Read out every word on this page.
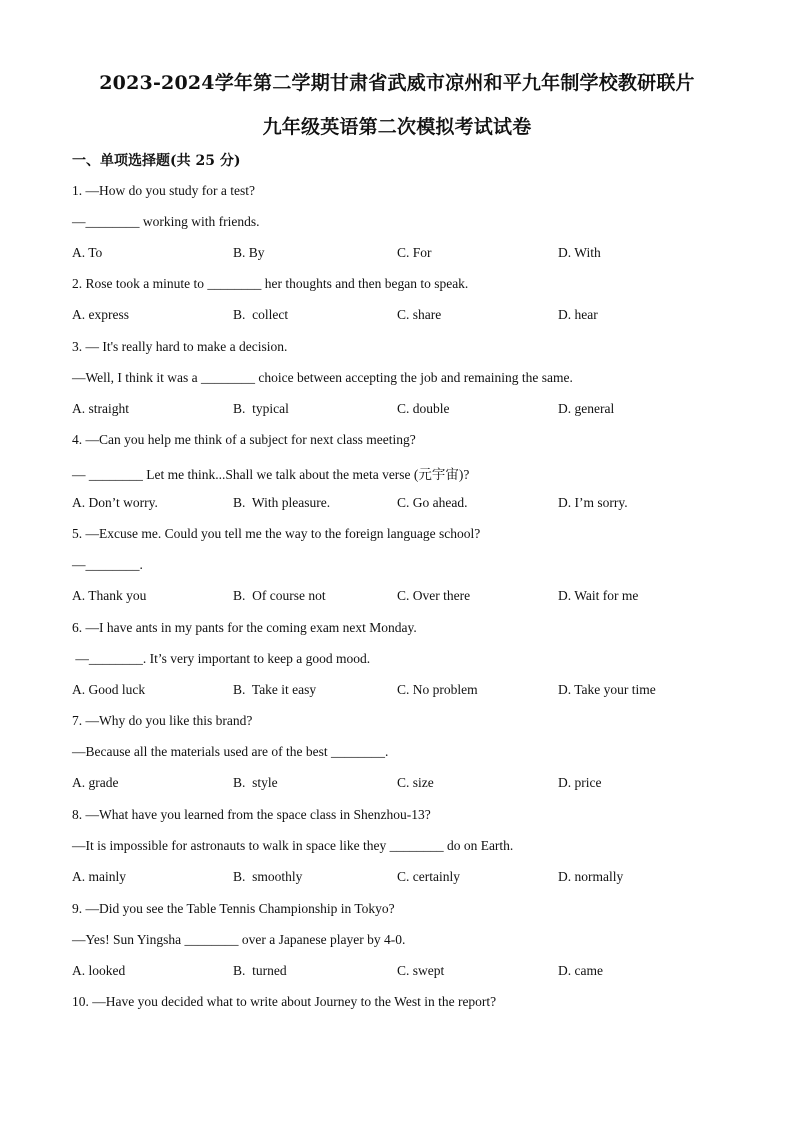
2023-2024学年第二学期甘肃省武威市凉州和平九年制学校教研联片
九年级英语第二次模拟考试试卷
一、单项选择题(共 25 分)
1. —How do you study for a test?
—________ working with friends.
A. To	B. By	C. For	D. With
2. Rose took a minute to ________ her thoughts and then began to speak.
A. express	B.  collect	C. share	D. hear
3. — It's really hard to make a decision.
—Well, I think it was a ________ choice between accepting the job and remaining the same.
A. straight	B.  typical	C. double	D. general
4. —Can you help me think of a subject for next class meeting?
— ________ Let me think...Shall we talk about the meta verse (元宇宙)?
A. Don’t worry.	B.  With pleasure.	C. Go ahead.	D. I’m sorry.
5. —Excuse me. Could you tell me the way to the foreign language school?
—________.
A. Thank you	B.  Of course not	C. Over there	D. Wait for me
6. —I have ants in my pants for the coming exam next Monday.
—________. It’s very important to keep a good mood.
A. Good luck	B.  Take it easy	C. No problem	D. Take your time
7. —Why do you like this brand?
—Because all the materials used are of the best ________.
A. grade	B.  style	C. size	D. price
8. —What have you learned from the space class in Shenzhou-13?
—It is impossible for astronauts to walk in space like they ________ do on Earth.
A. mainly	B.  smoothly	C. certainly	D. normally
9. —Did you see the Table Tennis Championship in Tokyo?
—Yes! Sun Yingsha ________ over a Japanese player by 4-0.
A. looked	B.  turned	C. swept	D. came
10. —Have you decided what to write about Journey to the West in the report?
